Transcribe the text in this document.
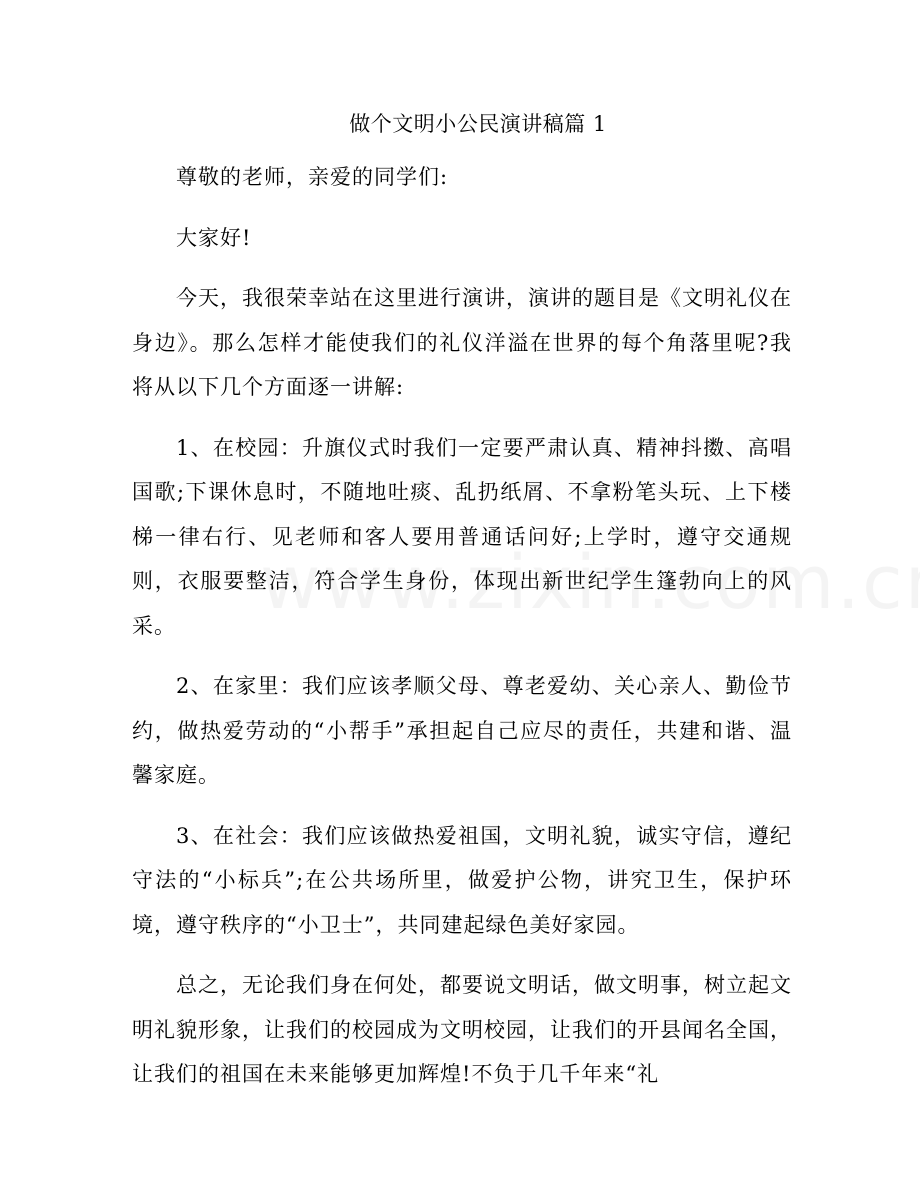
做个文明小公民演讲稿篇 1

尊敬的老师，亲爱的同学们:

大家好!

今天，我很荣幸站在这里进行演讲，演讲的题目是《文明礼仪在身边》。那么怎样才能使我们的礼仪洋溢在世界的每个角落里呢?我将从以下几个方面逐一讲解:

1、在校园：升旗仪式时我们一定要严肃认真、精神抖擞、高唱国歌;下课休息时，不随地吐痰、乱扔纸屑、不拿粉笔头玩、上下楼梯一律右行、见老师和客人要用普通话问好;上学时，遵守交通规则，衣服要整洁，符合学生身份，体现出新世纪学生篷勃向上的风采。

2、在家里：我们应该孝顺父母、尊老爱幼、关心亲人、勤俭节约，做热爱劳动的“小帮手”承担起自己应尽的责任，共建和谐、温馨家庭。

3、在社会：我们应该做热爱祖国，文明礼貌，诚实守信，遵纪守法的“小标兵”;在公共场所里，做爱护公物，讲究卫生，保护环境，遵守秩序的“小卫士”，共同建起绿色美好家园。

总之，无论我们身在何处，都要说文明话，做文明事，树立起文明礼貌形象，让我们的校园成为文明校园，让我们的开县闻名全国，让我们的祖国在未来能够更加辉煌!不负于几千年来“礼
